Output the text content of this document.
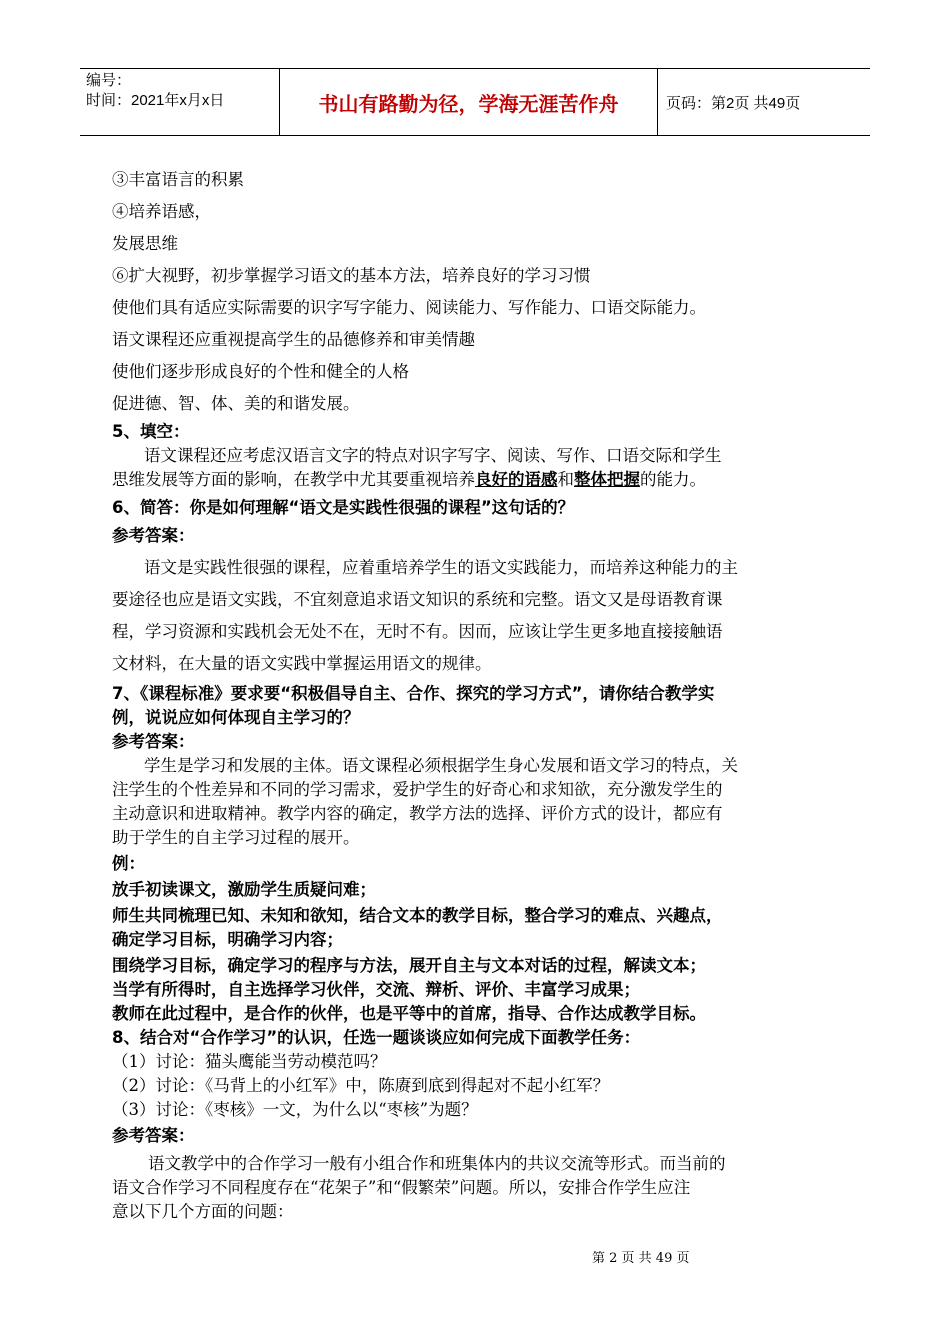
编号：
时间：2021年x月x日	书山有路勤为径，学海无涯苦作舟	页码：第2页 共49页
③丰富语言的积累
④培养语感，
发展思维
⑥扩大视野，初步掌握学习语文的基本方法，培养良好的学习习惯
使他们具有适应实际需要的识字写字能力、阅读能力、写作能力、口语交际能力。
语文课程还应重视提高学生的品德修养和审美情趣
使他们逐步形成良好的个性和健全的人格
促进德、智、体、美的和谐发展。
5、填空：
语文课程还应考虑汉语言文字的特点对识字写字、阅读、写作、口语交际和学生
思维发展等方面的影响，在教学中尤其要重视培养良好的语感和整体把握的能力。
6、简答：你是如何理解“语文是实践性很强的课程”这句话的？
参考答案：
语文是实践性很强的课程，应着重培养学生的语文实践能力，而培养这种能力的主
要途径也应是语文实践，不宜刻意追求语文知识的系统和完整。语文又是母语教育课
程，学习资源和实践机会无处不在，无时不有。因而，应该让学生更多地直接接触语
文材料，在大量的语文实践中掌握运用语文的规律。
7、《课程标准》要求要“积极倡导自主、合作、探究的学习方式”，请你结合教学实
例，说说应如何体现自主学习的？
参考答案：
学生是学习和发展的主体。语文课程必须根据学生身心发展和语文学习的特点，关
注学生的个性差异和不同的学习需求，爱护学生的好奇心和求知欲，充分激发学生的
主动意识和进取精神。教学内容的确定，教学方法的选择、评价方式的设计，都应有
助于学生的自主学习过程的展开。
例：
放手初读课文，激励学生质疑问难；
师生共同梳理已知、未知和欲知，结合文本的教学目标，整合学习的难点、兴趣点，
确定学习目标，明确学习内容；
围绕学习目标，确定学习的程序与方法，展开自主与文本对话的过程，解读文本；
当学有所得时，自主选择学习伙伴，交流、辩析、评价、丰富学习成果；
教师在此过程中，是合作的伙伴，也是平等中的首席，指导、合作达成教学目标。
8、结合对“合作学习”的认识，任选一题谈谈应如何完成下面教学任务：
（1）讨论：猫头鹰能当劳动模范吗？
（2）讨论：《马背上的小红军》中，陈赓到底到得起对不起小红军？
（3）讨论：《枣核》一文，为什么以“枣核”为题？
参考答案：
语文教学中的合作学习一般有小组合作和班集体内的共议交流等形式。而当前的
语文合作学习不同程度存在“花架子”和“假繁荣”问题。所以，安排合作学生应注
意以下几个方面的问题：
第 2 页 共 49 页
